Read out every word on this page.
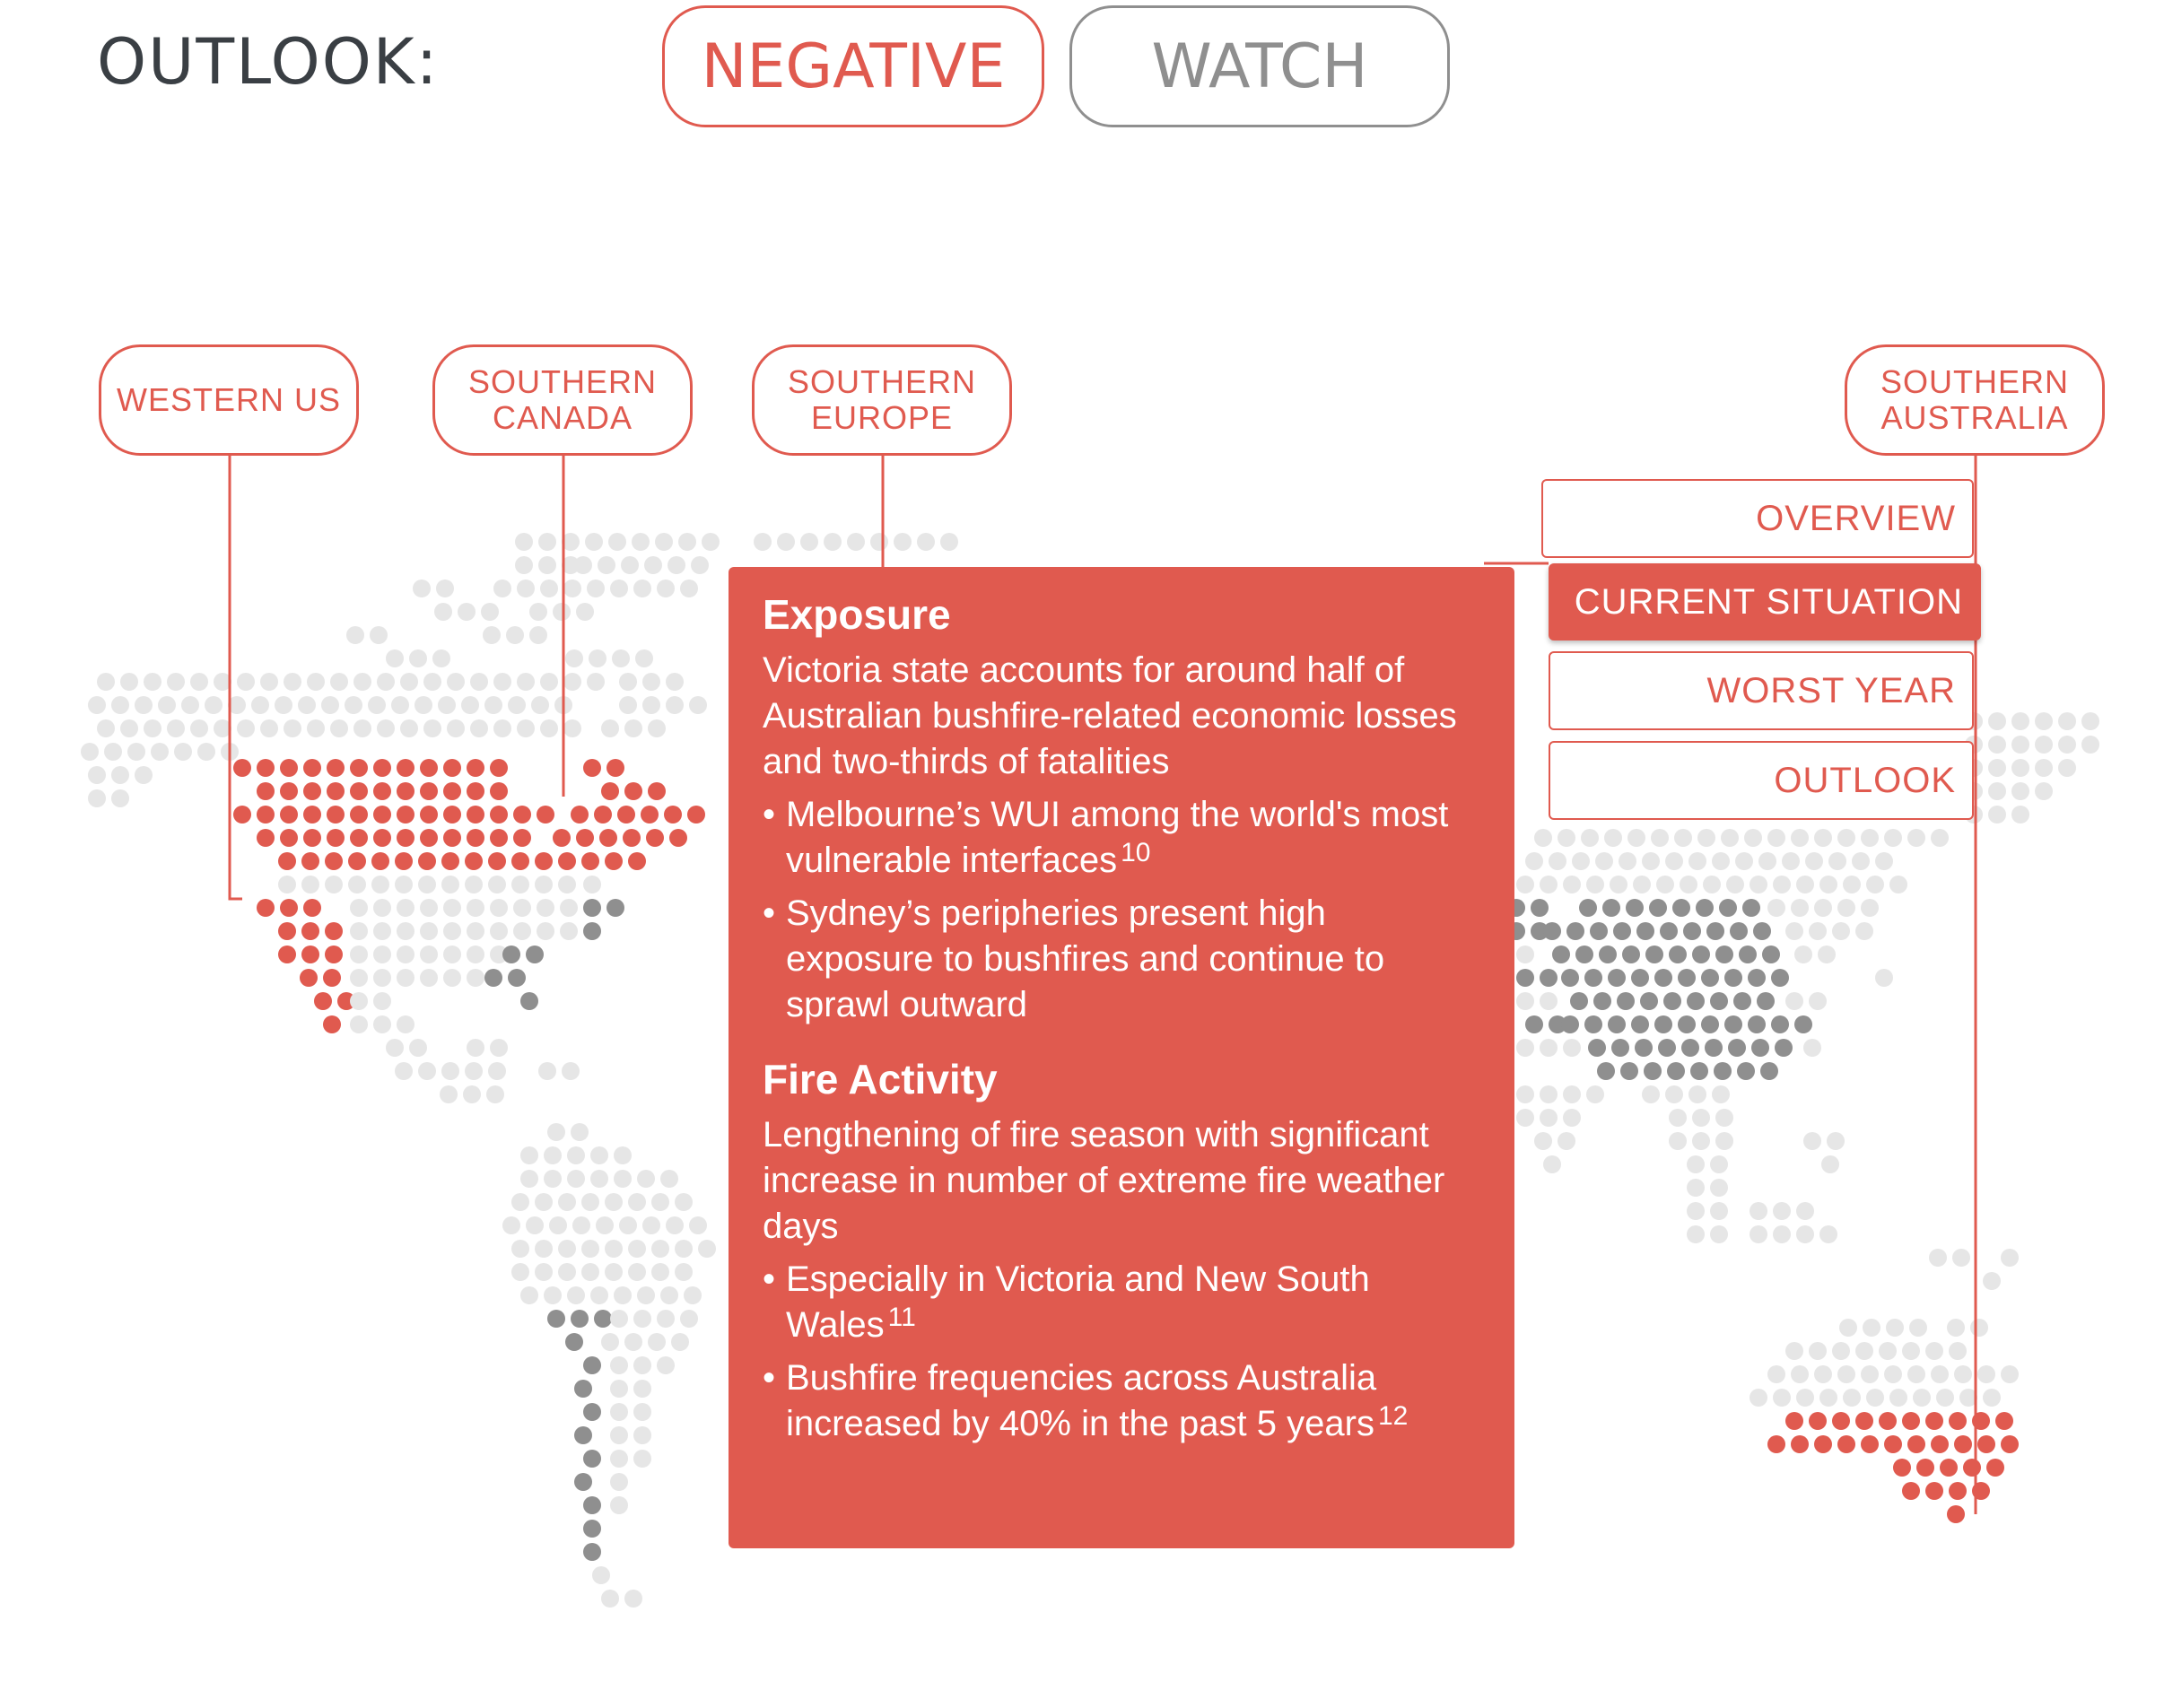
OUTLOOK:	NEGATIVE	WATCH
WESTERN US	SOUTHERN
CANADA
SOUTHERN
EUROPE
SOUTHERN
AUSTRALIA
OVERVIEW
CURRENT SITUATION
WORST YEAR
OUTLOOK
Exposure

Victoria state accounts for around half of Australian bushfire-related economic losses and two-thirds of fatalities

• Melbourne’s WUI among the world's most vulnerable interfaces $^{10}$
• Sydney’s peripheries present high exposure to bushfires and continue to sprawl outward
Fire Activity

Lengthening of fire season with significant increase in number of extreme fire weather days

• Especially in Victoria and New South Wales $^{11}$
• Bushfire frequencies across Australia increased by 40% in the past 5 years $^{12}$
